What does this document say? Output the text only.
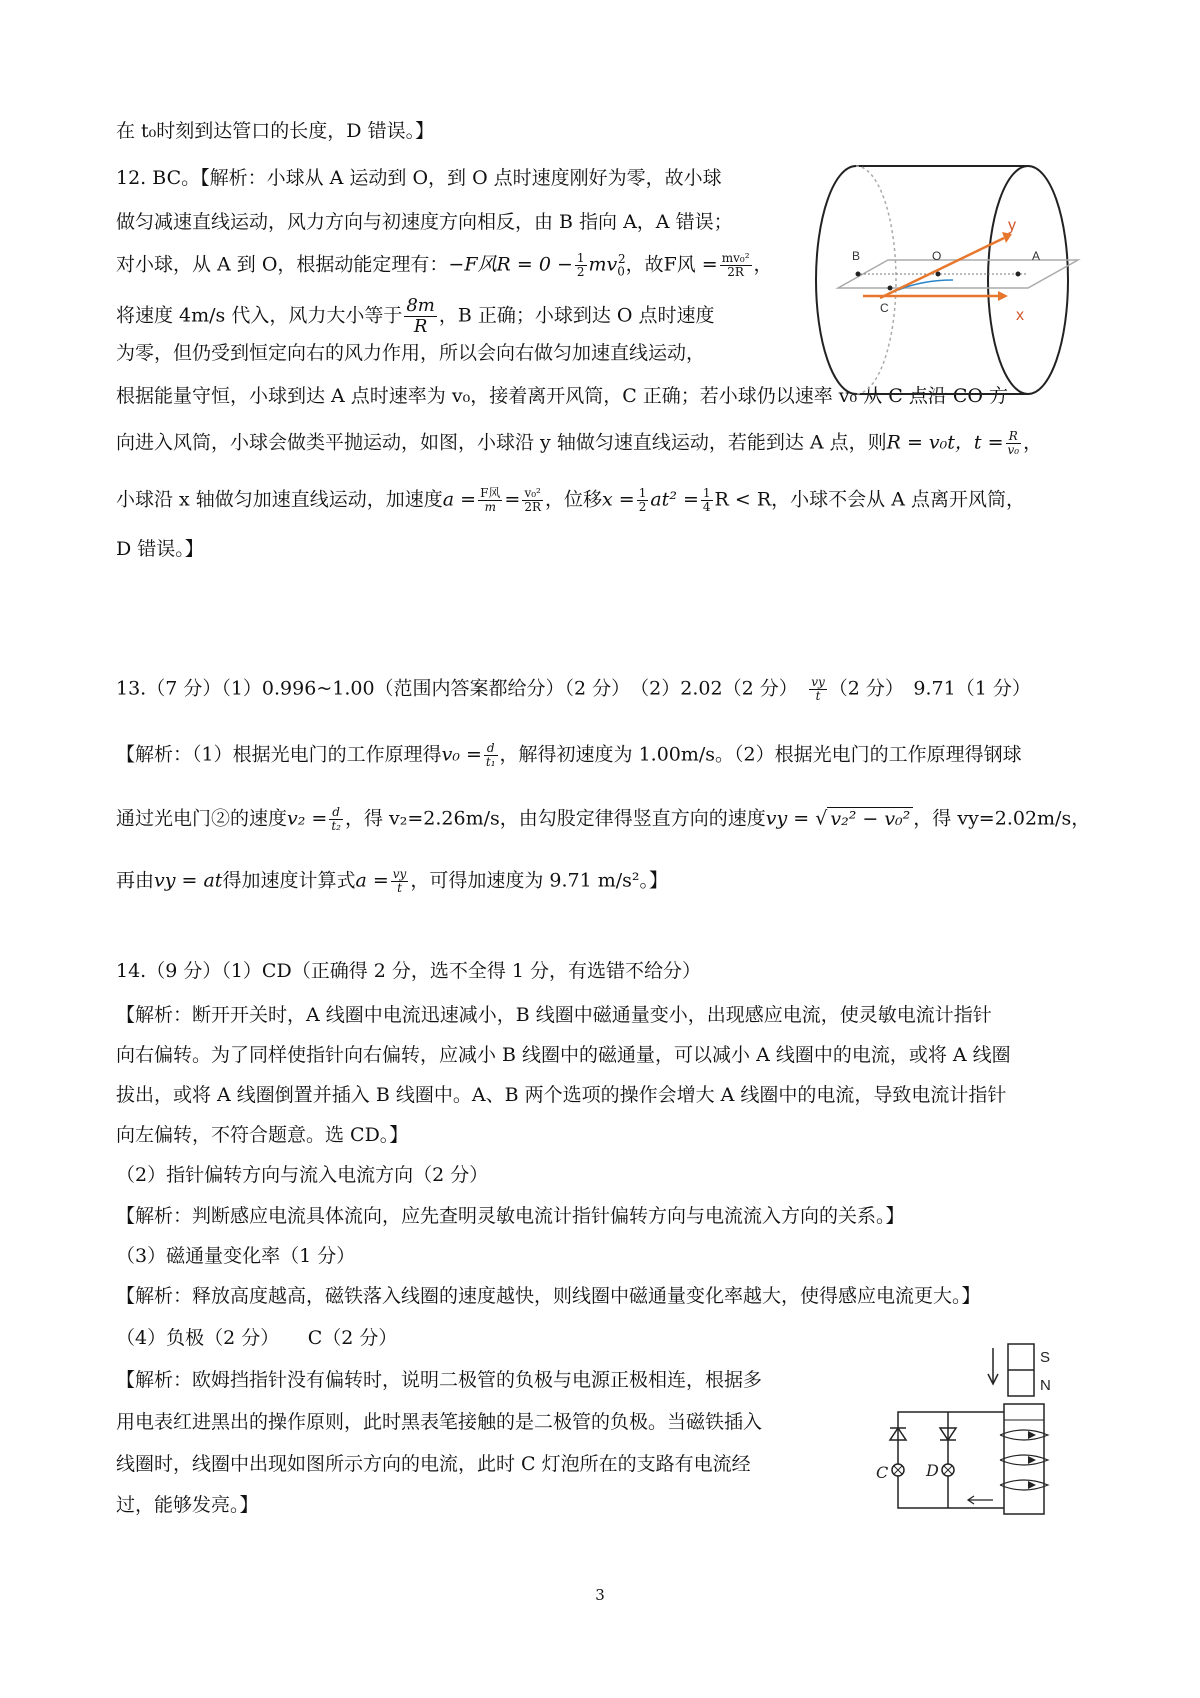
在 t₀时刻到达管口的长度，D 错误。】
12. BC。【解析：小球从 A 运动到 O，到 O 点时速度刚好为零，故小球
做匀减速直线运动，风力方向与初速度方向相反，由 B 指向 A，A 错误；
对小球，从 A 到 O，根据动能定理有：−F风$R = 0 - \frac{1}{2} mv_0^2$，故F风 = $\frac{\text{mv₀²}}{2R}$ ，
将速度 4m/s 代入，风力大小等于 $\frac{8m}{R}$ ，B 正确；小球到达 O 点时速度
为零，但仍受到恒定向右的风力作用，所以会向右做匀加速直线运动，
根据能量守恒，小球到达 A 点时速率为 v₀，接着离开风筒，C 正确；若小球仍以速率 v₀ 从 C 点沿 CO 方
向进入风筒，小球会做类平抛运动，如图，小球沿 y 轴做匀速直线运动，若能到达 A 点，则R = v₀t，$t = \frac{R}{\text{v₀}}$ ，
小球沿 x 轴做匀加速直线运动，加速度$a = \frac{\text{F风}}{m} = \frac{\text{v₀²}}{2R}$ ，位移$x = \frac{1}{2} at^2 = \frac{1}{4}$ R < R，小球不会从 A 点离开风筒，
D 错误。】
B	O	A
C	x
y
13.（7 分）（1）0.996~1.00（范围内答案都给分）（2 分）　（2）2.02（2 分）　 $\frac{vy}{t} (2$ 分）　9.71（1 分）
【解析：（1）根据光电门的工作原理得$v_0 = \frac{d}{\text{t₁}}$ ，解得初速度为 1.00m/s。（2）根据光电门的工作原理得钢球
通过光电门②的速度$v_2 = \frac{d}{\text{t₂}}$ ，得 v₂=2.26m/s，由勾股定律得竖直方向的速度vy = √ v₂² − v₀² ，得 vy=2.02m/s，
再由vy = at得加速度计算式$a = \frac{vy}{t}$ ，可得加速度为 9.71 m/s²。】
14.（9 分）（1）CD（正确得 2 分，选不全得 1 分，有选错不给分）
【解析：断开开关时，A 线圈中电流迅速减小，B 线圈中磁通量变小，出现感应电流，使灵敏电流计指针
向右偏转。为了同样使指针向右偏转，应减小 B 线圈中的磁通量，可以减小 A 线圈中的电流，或将 A 线圈
拔出，或将 A 线圈倒置并插入 B 线圈中。A、B 两个选项的操作会增大 A 线圈中的电流，导致电流计指针
向左偏转，不符合题意。选 CD。】
（2）指针偏转方向与流入电流方向（2 分）
【解析：判断感应电流具体流向，应先查明灵敏电流计指针偏转方向与电流流入方向的关系。】
（3）磁通量变化率（1 分）
【解析：释放高度越高，磁铁落入线圈的速度越快，则线圈中磁通量变化率越大，使得感应电流更大。】
（4）负极（2 分）　　C（2 分）
【解析：欧姆挡指针没有偏转时，说明二极管的负极与电源正极相连，根据多
用电表红进黑出的操作原则，此时黑表笔接触的是二极管的负极。当磁铁插入
线圈时，线圈中出现如图所示方向的电流，此时 C 灯泡所在的支路有电流经
过，能够发亮。】
S
N
C D
3
